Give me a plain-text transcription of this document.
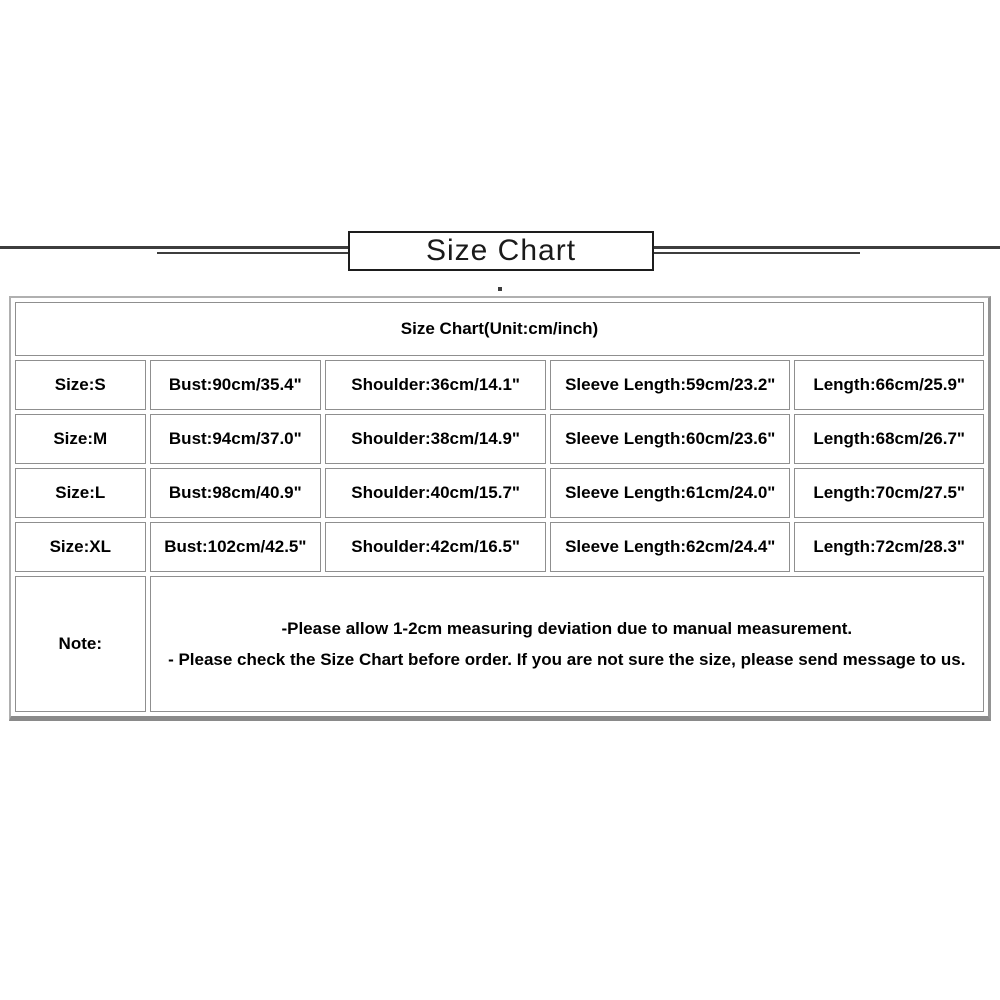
Size Chart
Size Chart(Unit:cm/inch)				
Size:S	Bust:90cm/35.4"	Shoulder:36cm/14.1"	Sleeve Length:59cm/23.2"	Length:66cm/25.9"
Size:M	Bust:94cm/37.0"	Shoulder:38cm/14.9"	Sleeve Length:60cm/23.6"	Length:68cm/26.7"
Size:L	Bust:98cm/40.9"	Shoulder:40cm/15.7"	Sleeve Length:61cm/24.0"	Length:70cm/27.5"
Size:XL	Bust:102cm/42.5"	Shoulder:42cm/16.5"	Sleeve Length:62cm/24.4"	Length:72cm/28.3"
Note:	-Please allow 1-2cm measuring deviation due to manual measurement.

- Please check the Size Chart before order. If you are not sure the size, please send message to us.			
